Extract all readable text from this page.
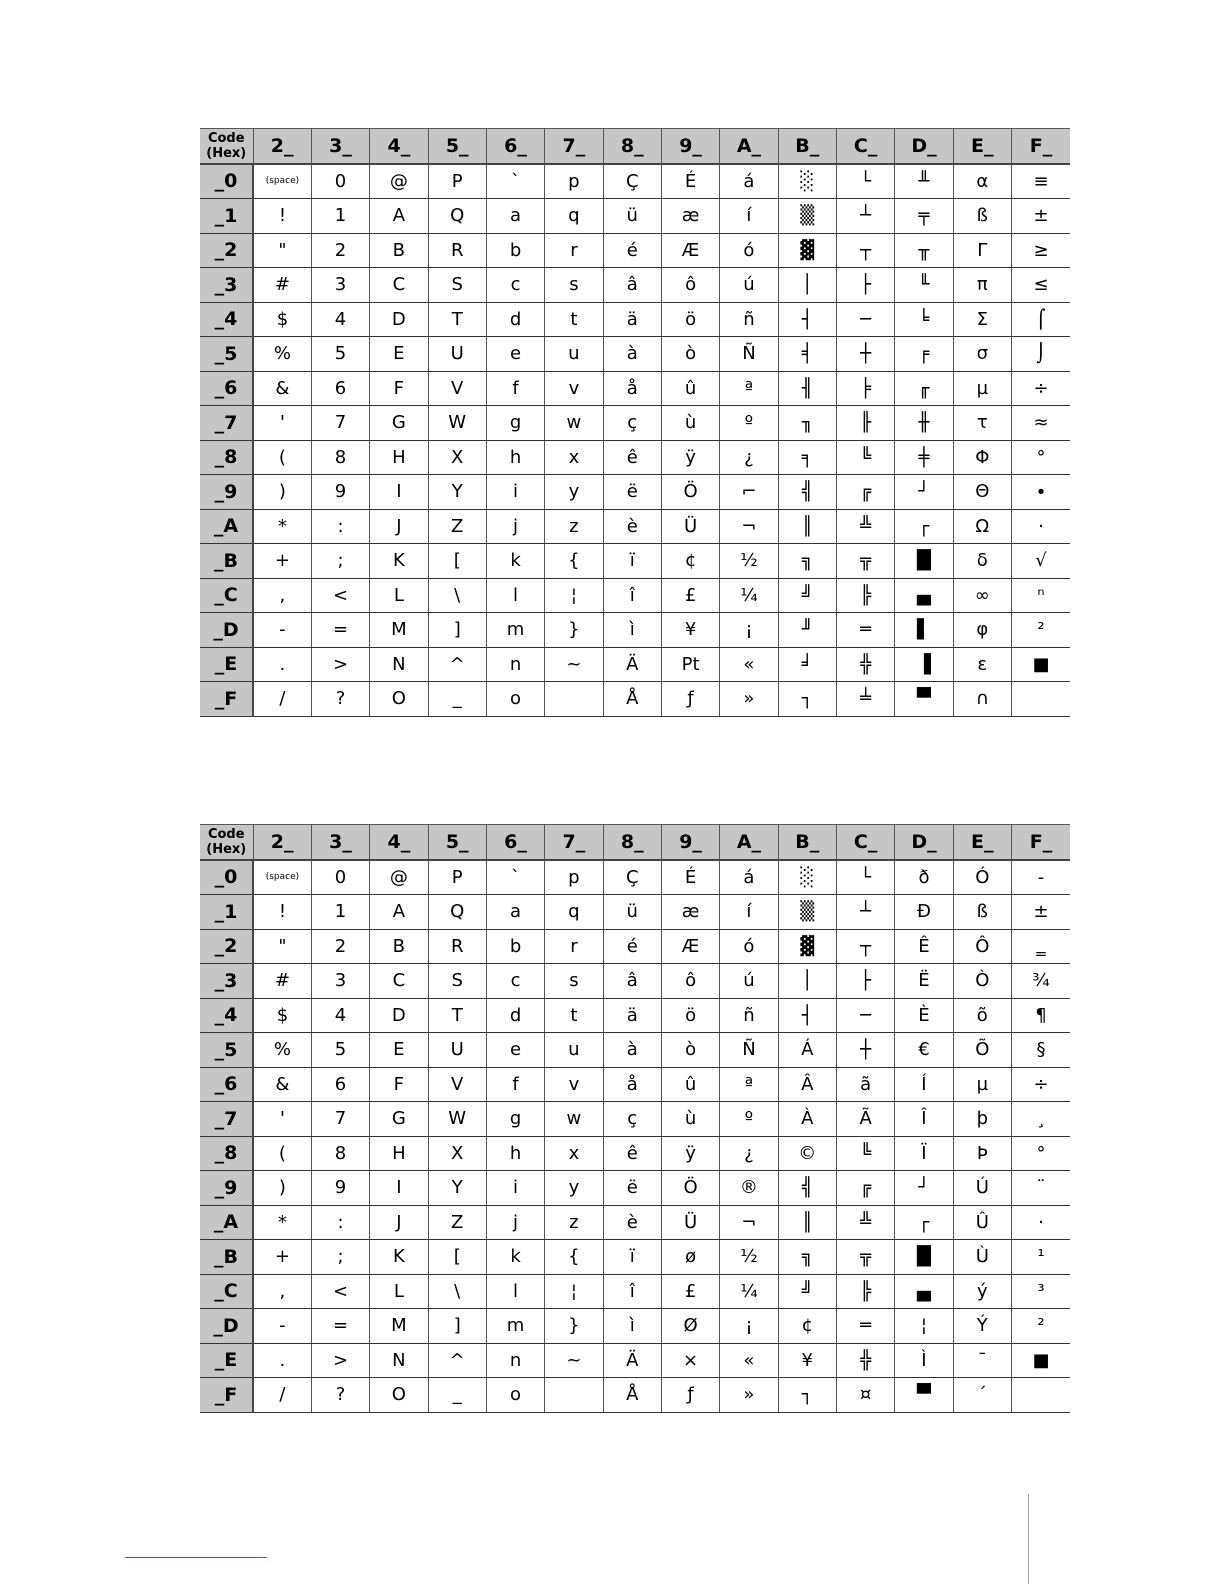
Code
(Hex)	2_	3_	4_	5_	6_	7_	8_	9_	A_	B_	C_	D_	E_	F_
_0	(space)	0	@	P	`	p	Ç	É	á	░	└	╨	α	≡
_1	!	1	A	Q	a	q	ü	æ	í	▒	┴	╤	ß	±
_2	"	2	B	R	b	r	é	Æ	ó	▓	┬	╥	Γ	≥
_3	#	3	C	S	c	s	â	ô	ú	│	├	╙	π	≤
_4	$	4	D	T	d	t	ä	ö	ñ	┤	─	╘	Σ	⌠
_5	%	5	E	U	e	u	à	ò	Ñ	╡	┼	╒	σ	⌡
_6	&	6	F	V	f	v	å	û	ª	╢	╞	╓	µ	÷
_7	'	7	G	W	g	w	ç	ù	º	╖	╟	╫	τ	≈
_8	(	8	H	X	h	x	ê	ÿ	¿	╕	╚	╪	Φ	°
_9	)	9	I	Y	i	y	ë	Ö	⌐	╣	╔	┘	Θ	∙
_A	*	:	J	Z	j	z	è	Ü	¬	║	╩	┌	Ω	·
_B	+	;	K	[	k	{	ï	¢	½	╗	╦	█	δ	√
_C	,	<	L	\	l	¦	î	£	¼	╝	╠	▄	∞	ⁿ
_D	-	=	M	]	m	}	ì	¥	¡	╜	═	▌	φ	²
_E	.	>	N	^	n	~	Ä	Pt	«	╛	╬	▐	ε	■
_F	/	?	O	_	o		Å	ƒ	»	┐	╧	▀	∩	
Code
(Hex)	2_	3_	4_	5_	6_	7_	8_	9_	A_	B_	C_	D_	E_	F_
_0	(space)	0	@	P	`	p	Ç	É	á	░	└	ð	Ó	-
_1	!	1	A	Q	a	q	ü	æ	í	▒	┴	Ð	ß	±
_2	"	2	B	R	b	r	é	Æ	ó	▓	┬	Ê	Ô	‗
_3	#	3	C	S	c	s	â	ô	ú	│	├	Ë	Ò	¾
_4	$	4	D	T	d	t	ä	ö	ñ	┤	─	È	õ	¶
_5	%	5	E	U	e	u	à	ò	Ñ	Á	┼	€	Õ	§
_6	&	6	F	V	f	v	å	û	ª	Â	ã	Í	µ	÷
_7	'	7	G	W	g	w	ç	ù	º	À	Ã	Î	þ	¸
_8	(	8	H	X	h	x	ê	ÿ	¿	©	╚	Ï	Þ	°
_9	)	9	I	Y	i	y	ë	Ö	®	╣	╔	┘	Ú	¨
_A	*	:	J	Z	j	z	è	Ü	¬	║	╩	┌	Û	·
_B	+	;	K	[	k	{	ï	ø	½	╗	╦	█	Ù	¹
_C	,	<	L	\	l	¦	î	£	¼	╝	╠	▄	ý	³
_D	-	=	M	]	m	}	ì	Ø	¡	¢	═	¦	Ý	²
_E	.	>	N	^	n	~	Ä	×	«	¥	╬	Ì	¯	■
_F	/	?	O	_	o		Å	ƒ	»	┐	¤	▀	´	
